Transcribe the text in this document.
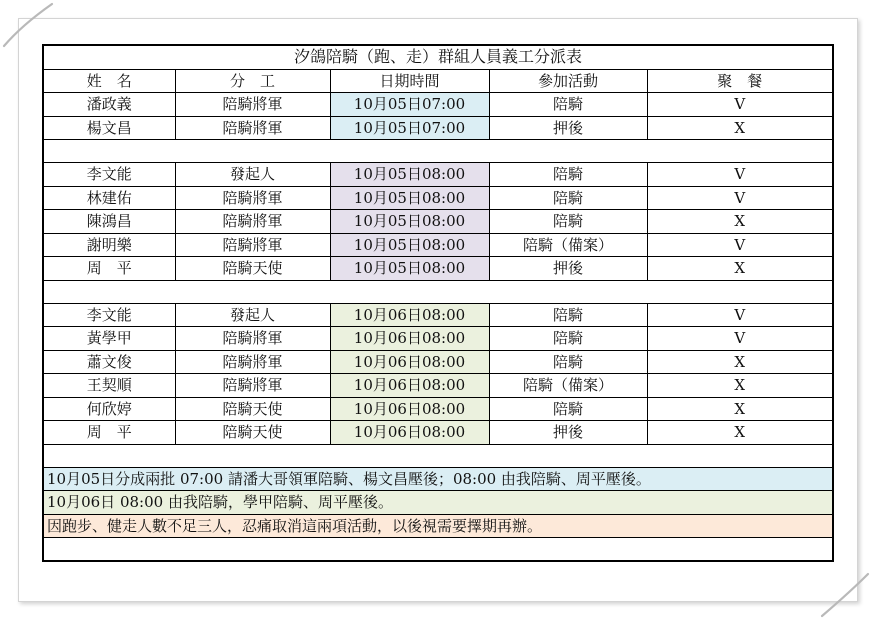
汐鴿陪騎（跑、走）群組人員義工分派表				
姓　名	分　工	日期時間	參加活動	聚　餐
潘政義	陪騎將軍	10月05日07:00	陪騎	V
楊文昌	陪騎將軍	10月05日07:00	押後	X

李文能	發起人	10月05日08:00	陪騎	V
林建佑	陪騎將軍	10月05日08:00	陪騎	V
陳鴻昌	陪騎將軍	10月05日08:00	陪騎	X
謝明樂	陪騎將軍	10月05日08:00	陪騎（備案）	V
周　平	陪騎天使	10月05日08:00	押後	X

李文能	發起人	10月06日08:00	陪騎	V
黃學甲	陪騎將軍	10月06日08:00	陪騎	V
蕭文俊	陪騎將軍	10月06日08:00	陪騎	X
王契順	陪騎將軍	10月06日08:00	陪騎（備案）	X
何欣婷	陪騎天使	10月06日08:00	陪騎	X
周　平	陪騎天使	10月06日08:00	押後	X

10月05日分成兩批 07:00 請潘大哥領軍陪騎、楊文昌壓後；08:00 由我陪騎、周平壓後。				
10月06日 08:00 由我陪騎，學甲陪騎、周平壓後。				
因跑步、健走人數不足三人，忍痛取消這兩項活動，以後視需要擇期再辦。				
